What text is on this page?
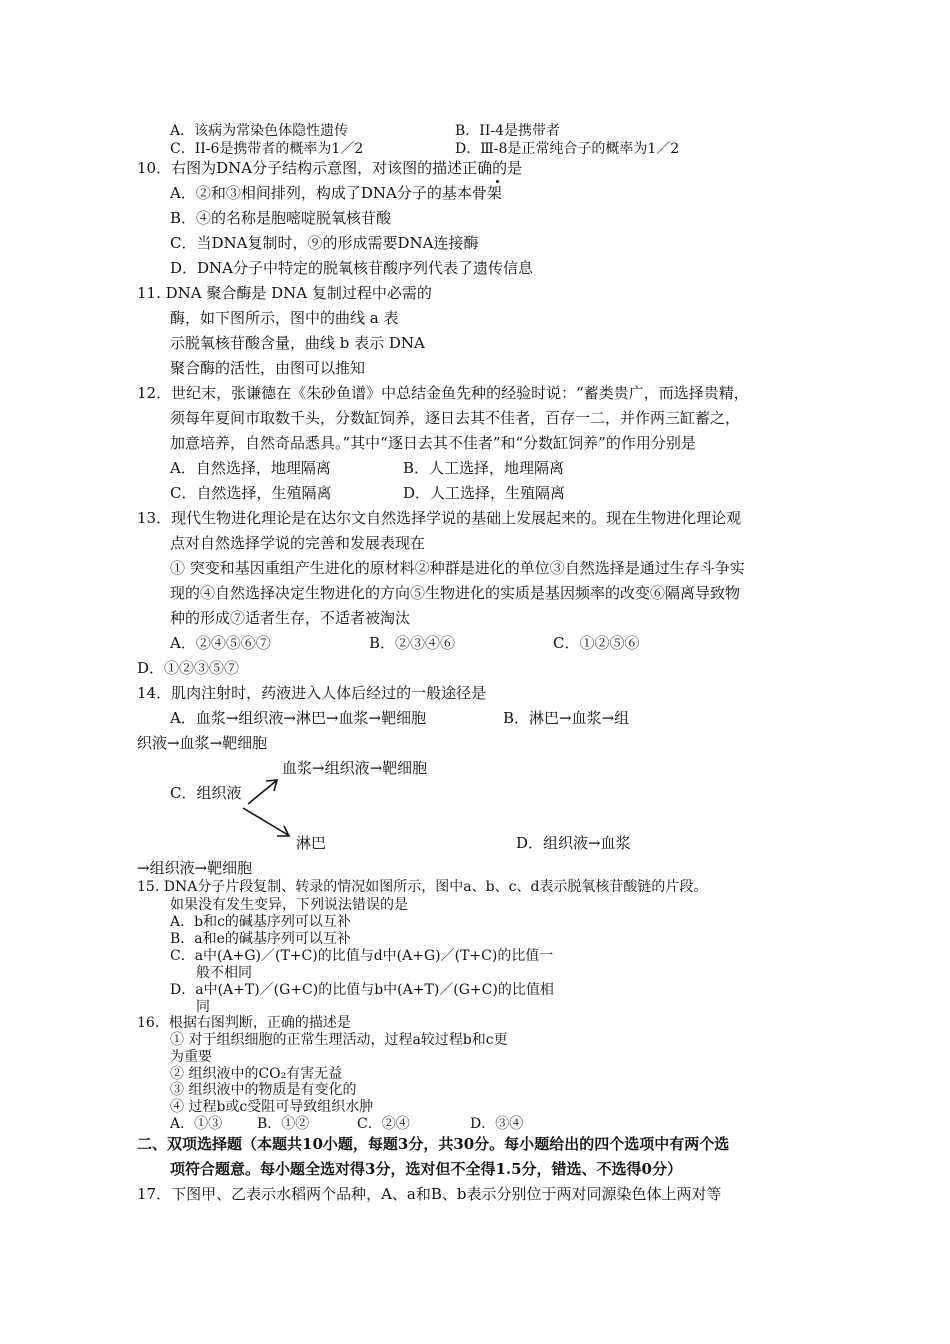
A．该病为常染色体隐性遗传	B．II-4是携带者
C．II-6是携带者的概率为1／2	D．Ⅲ-8是正常纯合子的概率为1／2
10．右图为DNA分子结构示意图，对该图的描述正确的是
A．②和③相间排列，构成了DNA分子的基本骨架
B．④的名称是胞嘧啶脱氧核苷酸
C．当DNA复制时，⑨的形成需要DNA连接酶
D．DNA分子中特定的脱氧核苷酸序列代表了遗传信息
11. DNA 聚合酶是 DNA 复制过程中必需的
酶，如下图所示，图中的曲线 a 表
示脱氧核苷酸含量，曲线 b 表示 DNA
聚合酶的活性，由图可以推知
12．世纪末，张谦德在《朱砂鱼谱》中总结金鱼先种的经验时说：“蓄类贵广，而选择贵精，
须每年夏间市取数千头，分数缸饲养，逐日去其不佳者，百存一二，并作两三缸蓄之，
加意培养，自然奇品悉具。”其中“逐日去其不佳者”和“分数缸饲养”的作用分别是
A．自然选择，地理隔离	B．人工选择，地理隔离
C．自然选择，生殖隔离	D．人工选择，生殖隔离
13．现代生物进化理论是在达尔文自然选择学说的基础上发展起来的。现在生物进化理论观
点对自然选择学说的完善和发展表现在
① 突变和基因重组产生进化的原材料②种群是进化的单位③自然选择是通过生存斗争实
现的④自然选择决定生物进化的方向⑤生物进化的实质是基因频率的改变⑥隔离导致物
种的形成⑦适者生存，不适者被淘汰
A．②④⑤⑥⑦	B．②③④⑥	C．①②⑤⑥
D．①②③⑤⑦
14．肌肉注射时，药液进入人体后经过的一般途径是
A．血浆→组织液→淋巴→血浆→靶细胞	B．淋巴→血浆→组
织液→血浆→靶细胞
血浆→组织液→靶细胞
C．组织液
淋巴	D．组织液→血浆
→组织液→靶细胞
15. DNA分子片段复制、转录的情况如图所示，图中a、b、c、d表示脱氧核苷酸链的片段。
如果没有发生变异，下列说法错误的是
A．b和c的碱基序列可以互补
B．a和e的碱基序列可以互补
C．a中(A+G)／(T+C)的比值与d中(A+G)／(T+C)的比值一
般不相同
D．a中(A+T)／(G+C)的比值与b中(A+T)／(G+C)的比值相
同
16．根据右图判断，正确的描述是
① 对于组织细胞的正常生理活动，过程a较过程b和c更
为重要
② 组织液中的CO₂有害无益
③ 组织液中的物质是有变化的
④ 过程b或c受阻可导致组织水肿
A．①③ B．①②	C．②④	D．③④
二、双项选择题（本题共10小题，每题3分，共30分。每小题给出的四个选项中有两个选
项符合题意。每小题全选对得3分，选对但不全得1.5分，错选、不选得0分）
17．下图甲、乙表示水稻两个品种，A、a和B、b表示分别位于两对同源染色体上两对等
